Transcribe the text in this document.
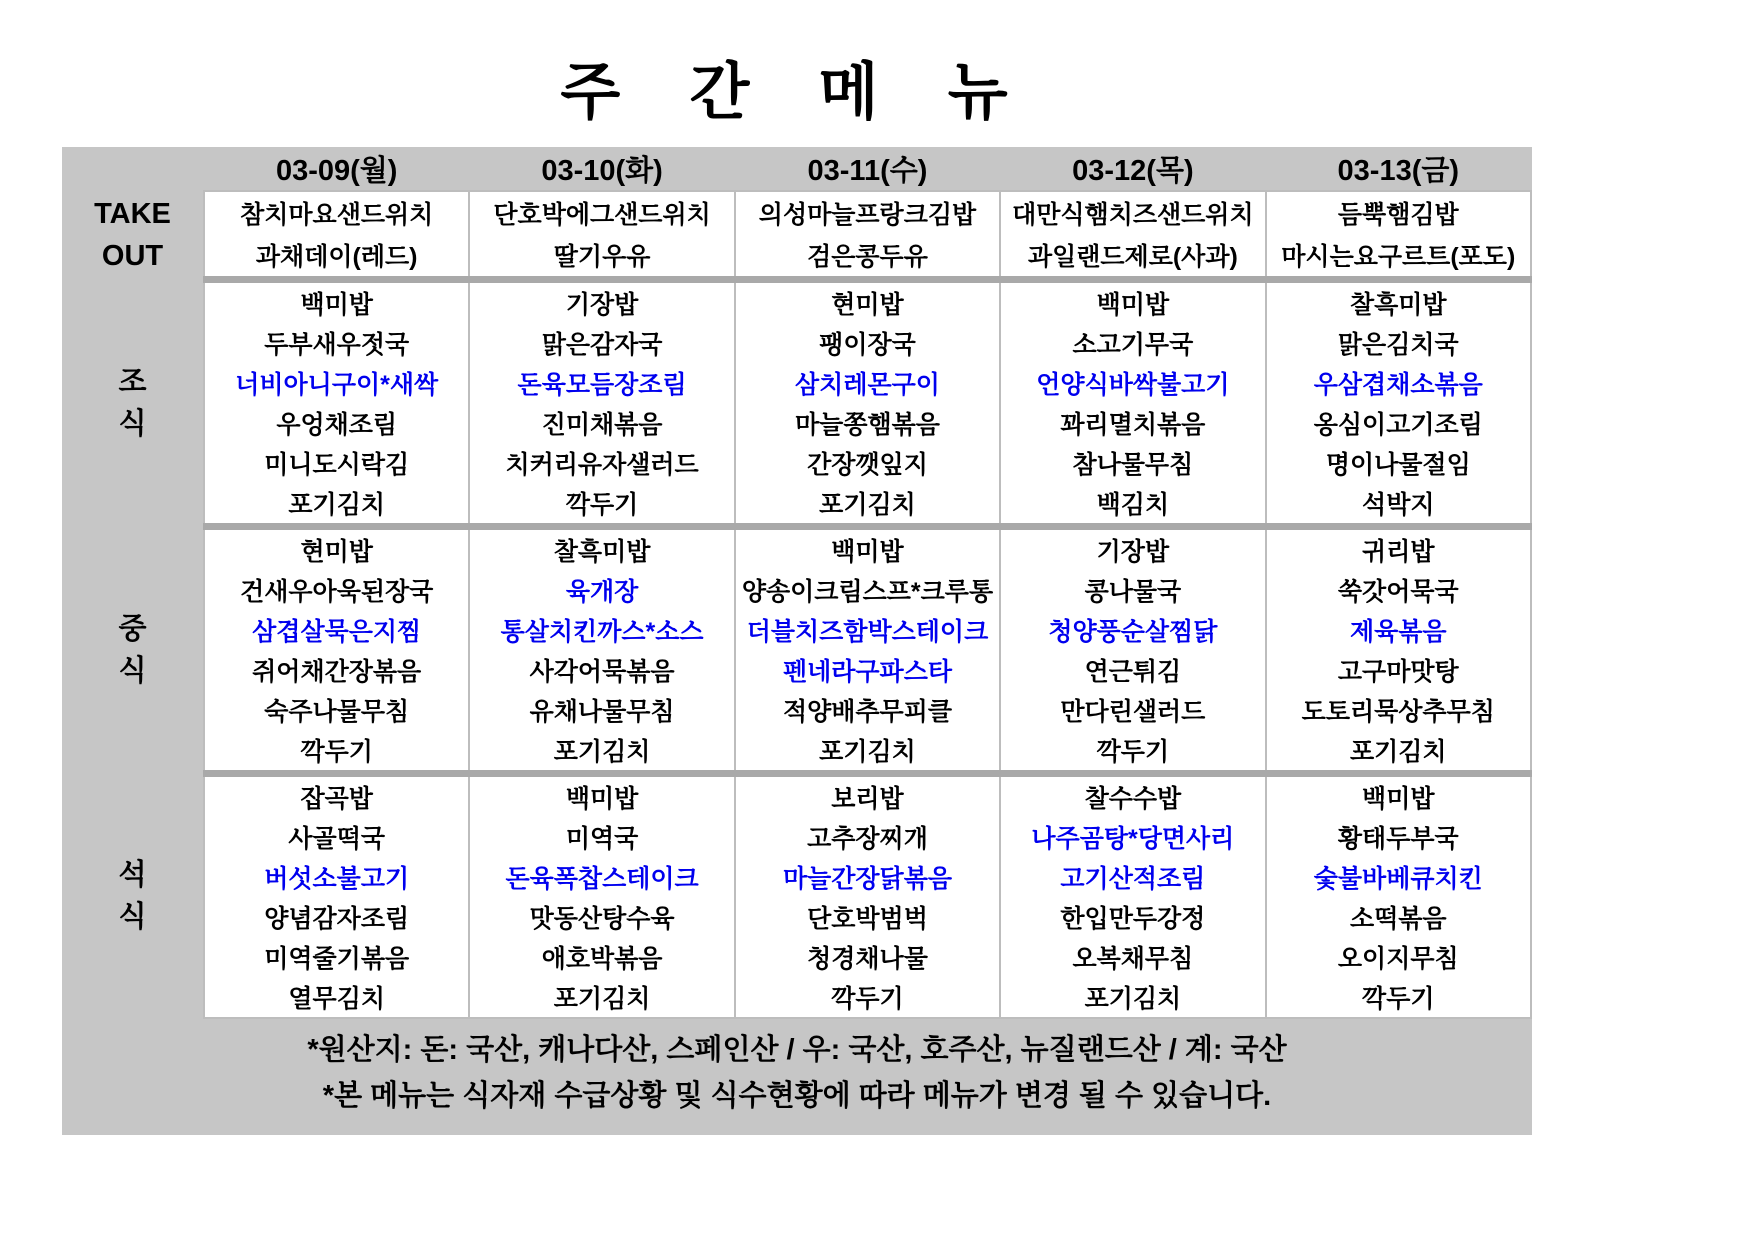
주 간 메 뉴
	03-09(월)	03-10(화)	03-11(수)	03-12(목)	03-13(금)

TAKE
OUT	참치마요샌드위치	단호박에그샌드위치	의성마늘프랑크김밥	대만식햄치즈샌드위치	듬뿍햄김밥
	과채데이(레드)	딸기우유	검은콩두유	과일랜드제로(사과)	마시는요구르트(포도)

조
식	백미밥	기장밥	현미밥	백미밥	찰흑미밥
	두부새우젓국	맑은감자국	팽이장국	소고기무국	맑은김치국
	너비아니구이*새싹	돈육모듬장조림	삼치레몬구이	언양식바싹불고기	우삼겹채소볶음
	우엉채조림	진미채볶음	마늘쫑햄볶음	꽈리멸치볶음	옹심이고기조림
	미니도시락김	치커리유자샐러드	간장깻잎지	참나물무침	명이나물절임
	포기김치	깍두기	포기김치	백김치	석박지

중
식	현미밥	찰흑미밥	백미밥	기장밥	귀리밥
	건새우아욱된장국	육개장	양송이크림스프*크루통	콩나물국	쑥갓어묵국
	삼겹살묵은지찜	통살치킨까스*소스	더블치즈함박스테이크	청양풍순살찜닭	제육볶음
	쥐어채간장볶음	사각어묵볶음	펜네라구파스타	연근튀김	고구마맛탕
	숙주나물무침	유채나물무침	적양배추무피클	만다린샐러드	도토리묵상추무침
	깍두기	포기김치	포기김치	깍두기	포기김치

석
식	잡곡밥	백미밥	보리밥	찰수수밥	백미밥
	사골떡국	미역국	고추장찌개	나주곰탕*당면사리	황태두부국
	버섯소불고기	돈육폭찹스테이크	마늘간장닭볶음	고기산적조림	숯불바베큐치킨
	양념감자조림	맛동산탕수육	단호박범벅	한입만두강정	소떡볶음
	미역줄기볶음	애호박볶음	청경채나물	오복채무침	오이지무침
	열무김치	포기김치	깍두기	포기김치	깍두기
*원산지: 돈: 국산, 캐나다산, 스페인산 / 우: 국산, 호주산, 뉴질랜드산 / 계: 국산
*본 메뉴는 식자재 수급상황 및 식수현황에 따라 메뉴가 변경 될 수 있습니다.
